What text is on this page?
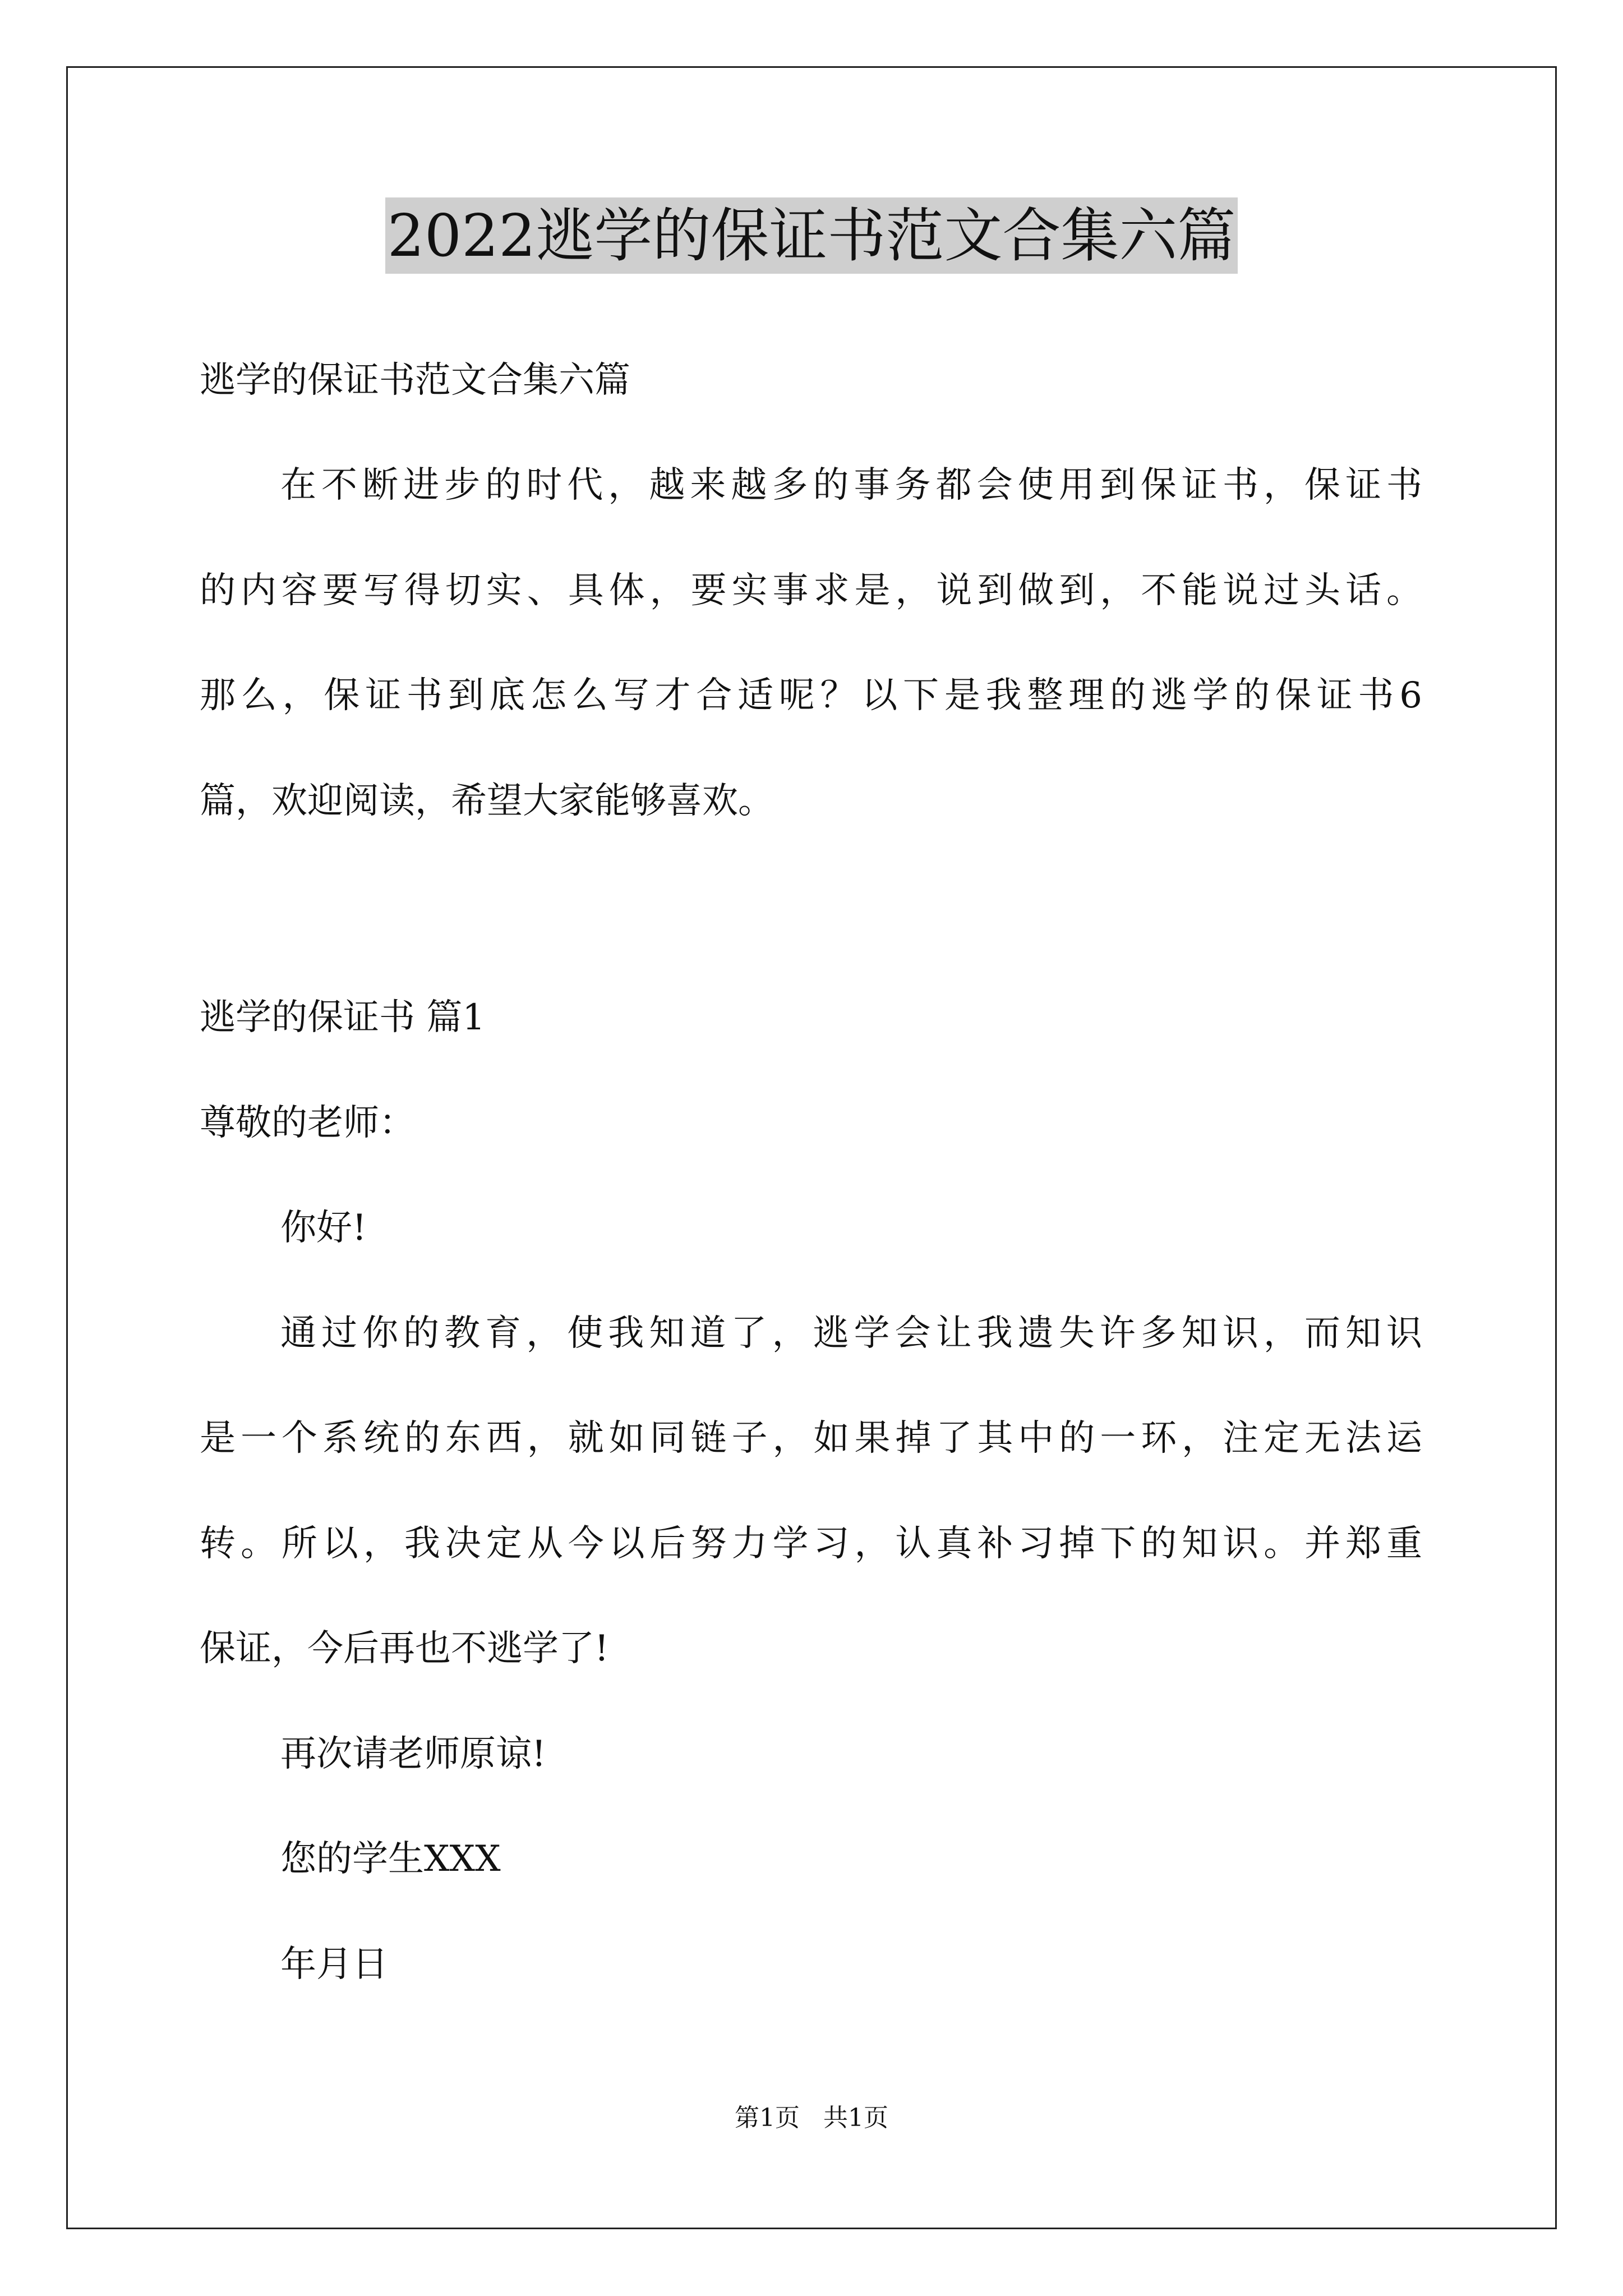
2022逃学的保证书范文合集六篇
逃学的保证书范文合集六篇
在不断进步的时代，越来越多的事务都会使用到保证书，保证书
的内容要写得切实、具体，要实事求是，说到做到，不能说过头话。
那么，保证书到底怎么写才合适呢？以下是我整理的逃学的保证书6
篇，欢迎阅读，希望大家能够喜欢。
逃学的保证书 篇1
尊敬的老师：
你好!
通过你的教育，使我知道了，逃学会让我遗失许多知识，而知识
是一个系统的东西，就如同链子，如果掉了其中的一环，注定无法运
转。所以，我决定从今以后努力学习，认真补习掉下的知识。并郑重
保证，今后再也不逃学了!
再次请老师原谅!
您的学生XXX
年月日
第1页 共1页
